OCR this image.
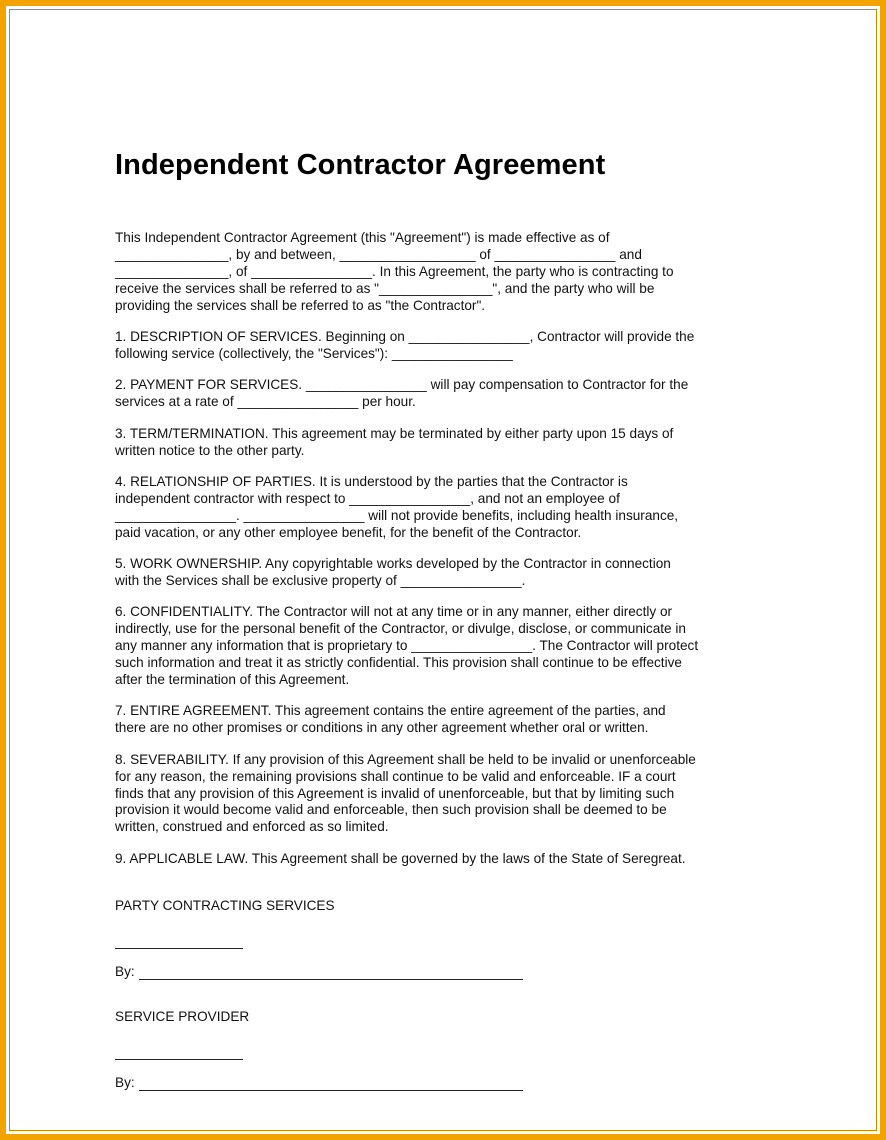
Independent Contractor Agreement

This Independent Contractor Agreement (this "Agreement") is made effective as of
_______________, by and between, __________________ of ________________ and
_______________, of ________________. In this Agreement, the party who is contracting to
receive the services shall be referred to as "_______________", and the party who will be
providing the services shall be referred to as "the Contractor".

1. DESCRIPTION OF SERVICES. Beginning on ________________, Contractor will provide the
following service (collectively, the "Services"): ________________

2. PAYMENT FOR SERVICES. ________________ will pay compensation to Contractor for the
services at a rate of ________________ per hour.

3. TERM/TERMINATION. This agreement may be terminated by either party upon 15 days of
written notice to the other party.

4. RELATIONSHIP OF PARTIES. It is understood by the parties that the Contractor is
independent contractor with respect to ________________, and not an employee of
________________. ________________ will not provide benefits, including health insurance,
paid vacation, or any other employee benefit, for the benefit of the Contractor.

5. WORK OWNERSHIP. Any copyrightable works developed by the Contractor in connection
with the Services shall be exclusive property of ________________.

6. CONFIDENTIALITY. The Contractor will not at any time or in any manner, either directly or
indirectly, use for the personal benefit of the Contractor, or divulge, disclose, or communicate in
any manner any information that is proprietary to ________________. The Contractor will protect
such information and treat it as strictly confidential. This provision shall continue to be effective
after the termination of this Agreement.

7. ENTIRE AGREEMENT. This agreement contains the entire agreement of the parties, and
there are no other promises or conditions in any other agreement whether oral or written.

8. SEVERABILITY. If any provision of this Agreement shall be held to be invalid or unenforceable
for any reason, the remaining provisions shall continue to be valid and enforceable. IF a court
finds that any provision of this Agreement is invalid of unenforceable, but that by limiting such
provision it would become valid and enforceable, then such provision shall be deemed to be
written, construed and enforced as so limited.

9. APPLICABLE LAW. This Agreement shall be governed by the laws of the State of Seregreat.

PARTY CONTRACTING SERVICES

By:

SERVICE PROVIDER

By:
